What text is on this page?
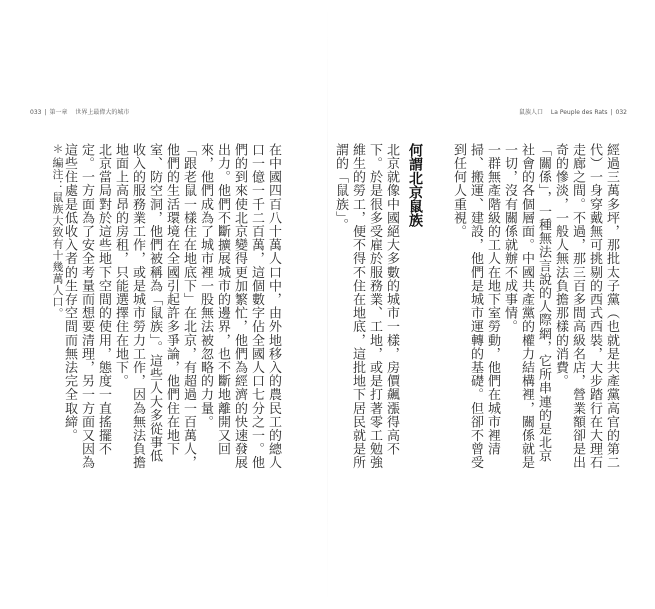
033 | 第一章 世界上最偉大的城市	鼠族人口 La Peuple des Rats | 032

在中國四百八十萬人口中，由外地移入的農民工的總人口一億一千二百萬，這個數字佔全國人口七分之一。他們的到來使北京變得更加繁忙，他們為經濟的快速發展出力。他們不斷擴展城市的邊界，也不斷地離開又回來，他們成為了城市裡一股無法被忽略的力量。

「跟老鼠一樣住在地底下」在北京，有超過一百萬人，他們的生活環境在全國引起許多爭論，他們住在地下室、防空洞，他們被稱為「鼠族」。這些人大多從事低收入的服務業工作，或是城市勞力工作，因為無法負擔地面上高昂的房租，只能選擇住在地下。

北京當局對於這些地下空間的使用，態度一直搖擺不定。一方面為了安全考量而想要清理，另一方面又因為這些住處是低收入者的生存空間而無法完全取締。

＊編注：鼠族大致有十幾萬人口。	經過三萬多坪，那批太子黨（也就是共產黨高官的第二代）一身穿戴無可挑剔的西式西裝，大步踏行在大理石走廊之間。不過，那三百多間高級名店，營業額卻是出奇的慘淡，一般人無法負擔那樣的消費。

「關係」，一種無法言說的人際網，它所串連的是北京社會的各個層面。中國共產黨的權力結構裡，關係就是一切，沒有關係就辦不成事情。

一群無產階級的工人在地下室勞動，他們在城市裡清掃、搬運、建設，他們是城市運轉的基礎。但卻不曾受到任何人重視。

何謂北京鼠族

北京就像中國絕大多數的城市一樣，房價飆漲得高不下。於是很多受雇於服務業、工地，或是打著零工勉強維生的勞工，便不得不住在地底，這批地下居民就是所謂的「鼠族」。
